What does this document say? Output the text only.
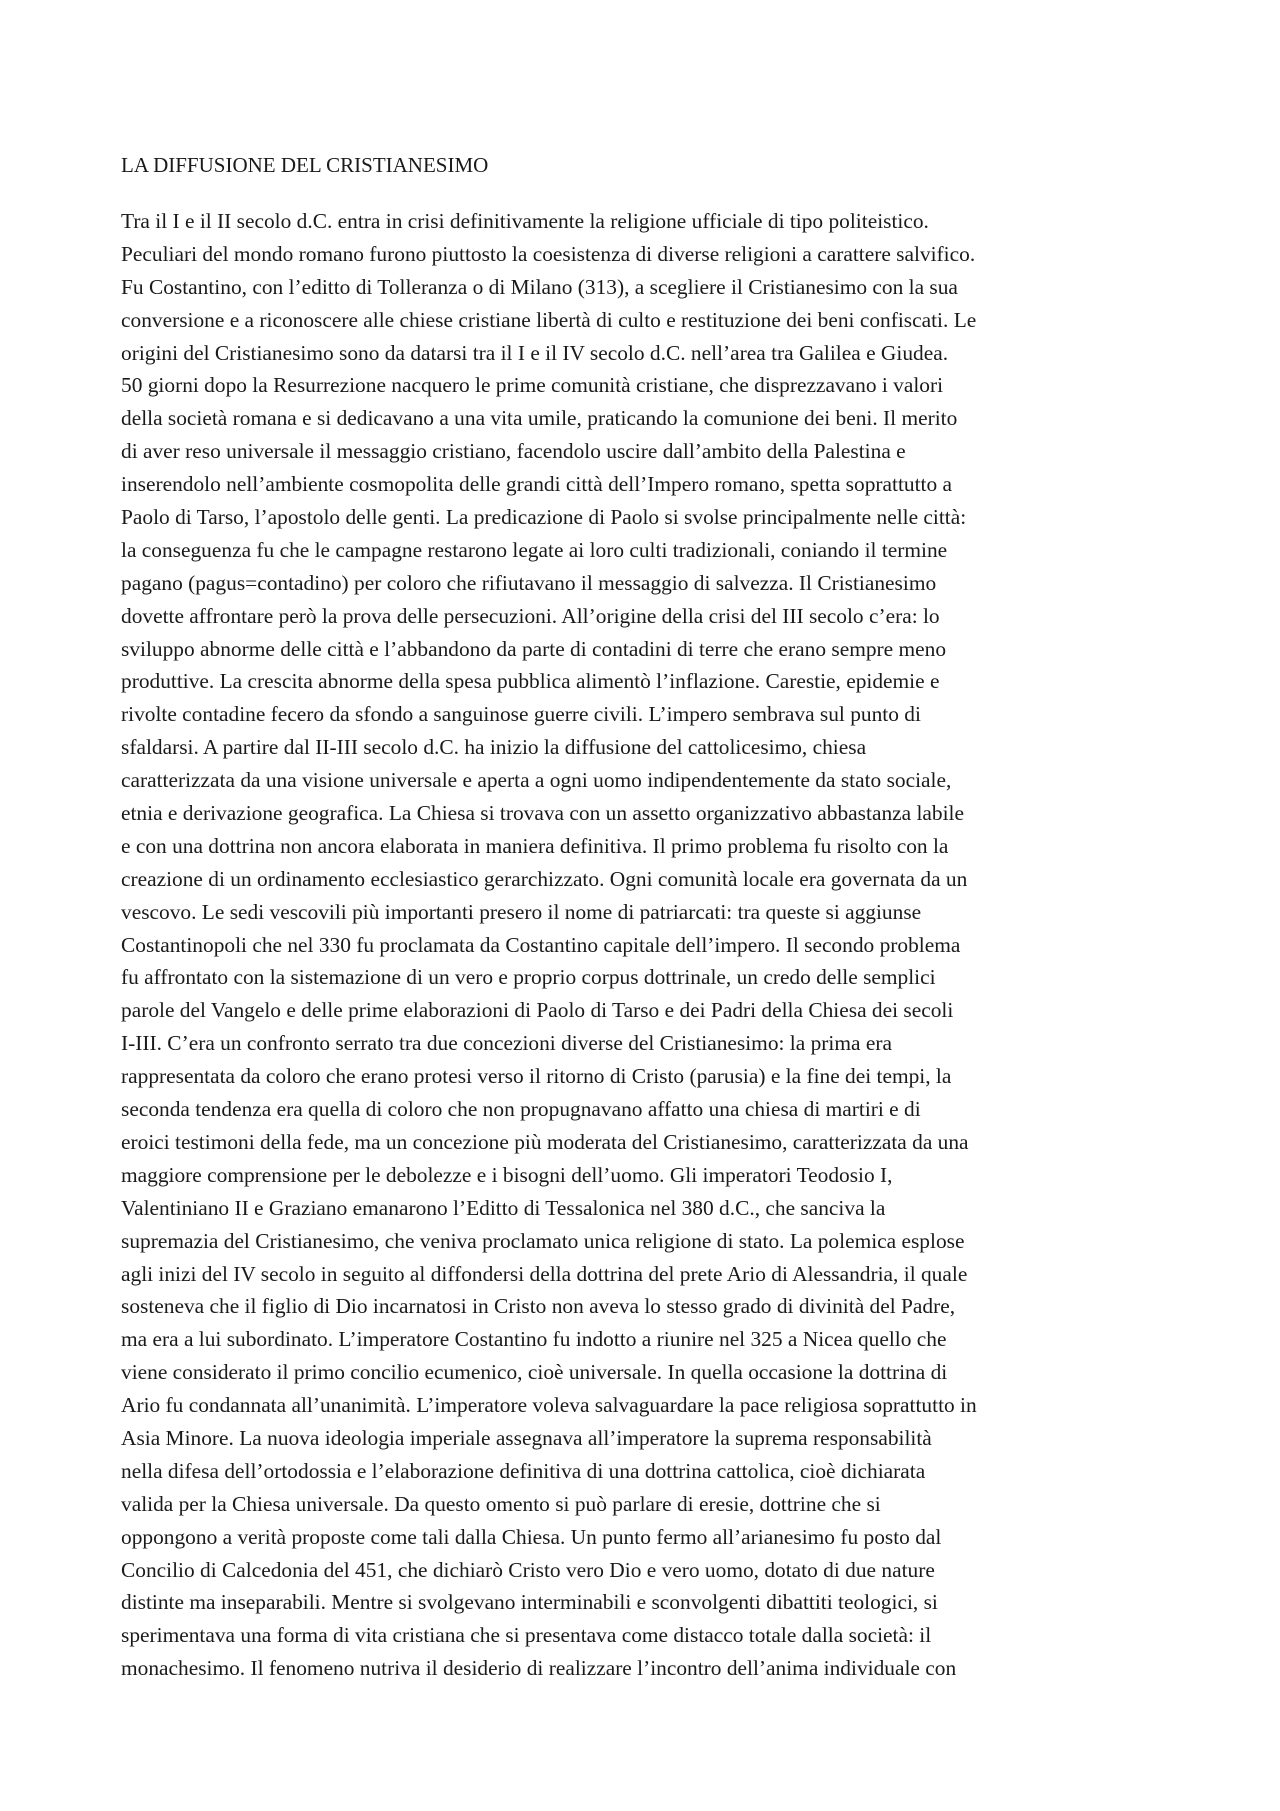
LA DIFFUSIONE DEL CRISTIANESIMO
Tra il I e il II secolo d.C. entra in crisi definitivamente la religione ufficiale di tipo politeistico.
Peculiari del mondo romano furono piuttosto la coesistenza di diverse religioni a carattere salvifico.
Fu Costantino, con l’editto di Tolleranza o di Milano (313), a scegliere il Cristianesimo con la sua
conversione e a riconoscere alle chiese cristiane libertà di culto e restituzione dei beni confiscati. Le
origini del Cristianesimo sono da datarsi tra il I e il IV secolo d.C. nell’area tra Galilea e Giudea.
50 giorni dopo la Resurrezione nacquero le prime comunità cristiane, che disprezzavano i valori
della società romana e si dedicavano a una vita umile, praticando la comunione dei beni. Il merito
di aver reso universale il messaggio cristiano, facendolo uscire dall’ambito della Palestina e
inserendolo nell’ambiente cosmopolita delle grandi città dell’Impero romano, spetta soprattutto a
Paolo di Tarso, l’apostolo delle genti. La predicazione di Paolo si svolse principalmente nelle città:
la conseguenza fu che le campagne restarono legate ai loro culti tradizionali, coniando il termine
pagano (pagus=contadino) per coloro che rifiutavano il messaggio di salvezza. Il Cristianesimo
dovette affrontare però la prova delle persecuzioni. All’origine della crisi del III secolo c’era: lo
sviluppo abnorme delle città e l’abbandono da parte di contadini di terre che erano sempre meno
produttive. La crescita abnorme della spesa pubblica alimentò l’inflazione. Carestie, epidemie e
rivolte contadine fecero da sfondo a sanguinose guerre civili. L’impero sembrava sul punto di
sfaldarsi. A partire dal II-III secolo d.C. ha inizio la diffusione del cattolicesimo, chiesa
caratterizzata da una visione universale e aperta a ogni uomo indipendentemente da stato sociale,
etnia e derivazione geografica. La Chiesa si trovava con un assetto organizzativo abbastanza labile
e con una dottrina non ancora elaborata in maniera definitiva. Il primo problema fu risolto con la
creazione di un ordinamento ecclesiastico gerarchizzato. Ogni comunità locale era governata da un
vescovo. Le sedi vescovili più importanti presero il nome di patriarcati: tra queste si aggiunse
Costantinopoli che nel 330 fu proclamata da Costantino capitale dell’impero. Il secondo problema
fu affrontato con la sistemazione di un vero e proprio corpus dottrinale, un credo delle semplici
parole del Vangelo e delle prime elaborazioni di Paolo di Tarso e dei Padri della Chiesa dei secoli
I-III. C’era un confronto serrato tra due concezioni diverse del Cristianesimo: la prima era
rappresentata da coloro che erano protesi verso il ritorno di Cristo (parusia) e la fine dei tempi, la
seconda tendenza era quella di coloro che non propugnavano affatto una chiesa di martiri e di
eroici testimoni della fede, ma un concezione più moderata del Cristianesimo, caratterizzata da una
maggiore comprensione per le debolezze e i bisogni dell’uomo. Gli imperatori Teodosio I,
Valentiniano II e Graziano emanarono l’Editto di Tessalonica nel 380 d.C., che sanciva la
supremazia del Cristianesimo, che veniva proclamato unica religione di stato. La polemica esplose
agli inizi del IV secolo in seguito al diffondersi della dottrina del prete Ario di Alessandria, il quale
sosteneva che il figlio di Dio incarnatosi in Cristo non aveva lo stesso grado di divinità del Padre,
ma era a lui subordinato. L’imperatore Costantino fu indotto a riunire nel 325 a Nicea quello che
viene considerato il primo concilio ecumenico, cioè universale. In quella occasione la dottrina di
Ario fu condannata all’unanimità. L’imperatore voleva salvaguardare la pace religiosa soprattutto in
Asia Minore. La nuova ideologia imperiale assegnava all’imperatore la suprema responsabilità
nella difesa dell’ortodossia e l’elaborazione definitiva di una dottrina cattolica, cioè dichiarata
valida per la Chiesa universale. Da questo omento si può parlare di eresie, dottrine che si
oppongono a verità proposte come tali dalla Chiesa. Un punto fermo all’arianesimo fu posto dal
Concilio di Calcedonia del 451, che dichiarò Cristo vero Dio e vero uomo, dotato di due nature
distinte ma inseparabili. Mentre si svolgevano interminabili e sconvolgenti dibattiti teologici, si
sperimentava una forma di vita cristiana che si presentava come distacco totale dalla società: il
monachesimo. Il fenomeno nutriva il desiderio di realizzare l’incontro dell’anima individuale con
